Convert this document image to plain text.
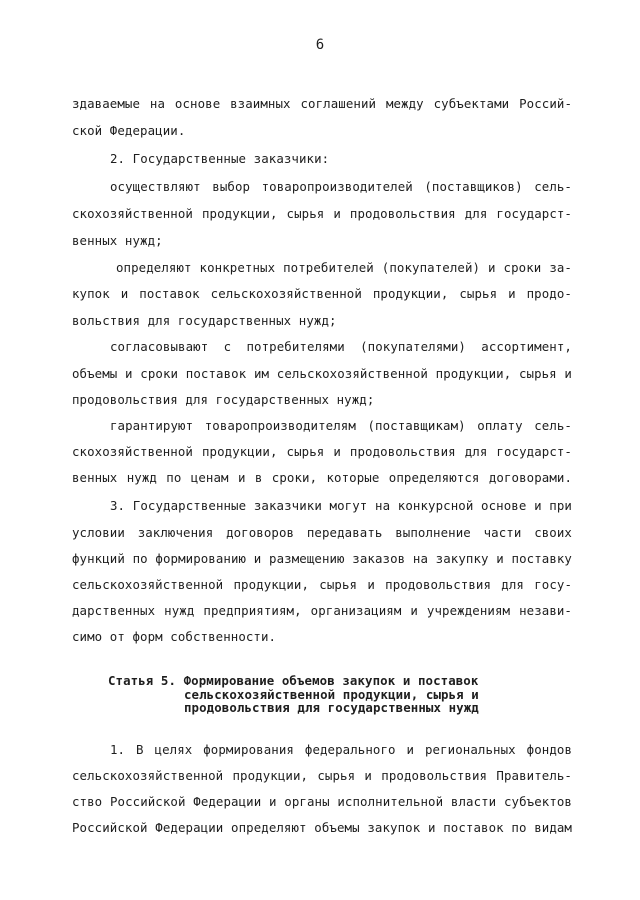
6
здаваемые на основе взаимных соглашений между субъектами Россий-
ской Федерации.
2. Государственные заказчики:
осуществляют выбор товаропроизводителей (поставщиков) сель-
скохозяйственной продукции, сырья и продовольствия для государст-
венных нужд;
определяют конкретных потребителей (покупателей) и сроки за-
купок и поставок сельскохозяйственной продукции, сырья и продо-
вольствия для государственных нужд;
согласовывают с потребителями (покупателями) ассортимент,
объемы и сроки поставок им сельскохозяйственной продукции, сырья и
продовольствия для государственных нужд;
гарантируют товаропроизводителям (поставщикам) оплату сель-
скохозяйственной продукции, сырья и продовольствия для государст-
венных нужд по ценам и в сроки, которые определяются договорами.
3. Государственные заказчики могут на конкурсной основе и при
условии заключения договоров передавать выполнение части своих
функций по формированию и размещению заказов на закупку и поставку
сельскохозяйственной продукции, сырья и продовольствия для госу-
дарственных нужд предприятиям, организациям и учреждениям незави-
симо от форм собственности.
Статья 5. Формирование объемов закупок и поставок
сельскохозяйственной продукции, сырья и
продовольствия для государственных нужд
1. В целях формирования федерального и региональных фондов
сельскохозяйственной продукции, сырья и продовольствия Правитель-
ство Российской Федерации и органы исполнительной власти субъектов
Российской Федерации определяют объемы закупок и поставок по видам
